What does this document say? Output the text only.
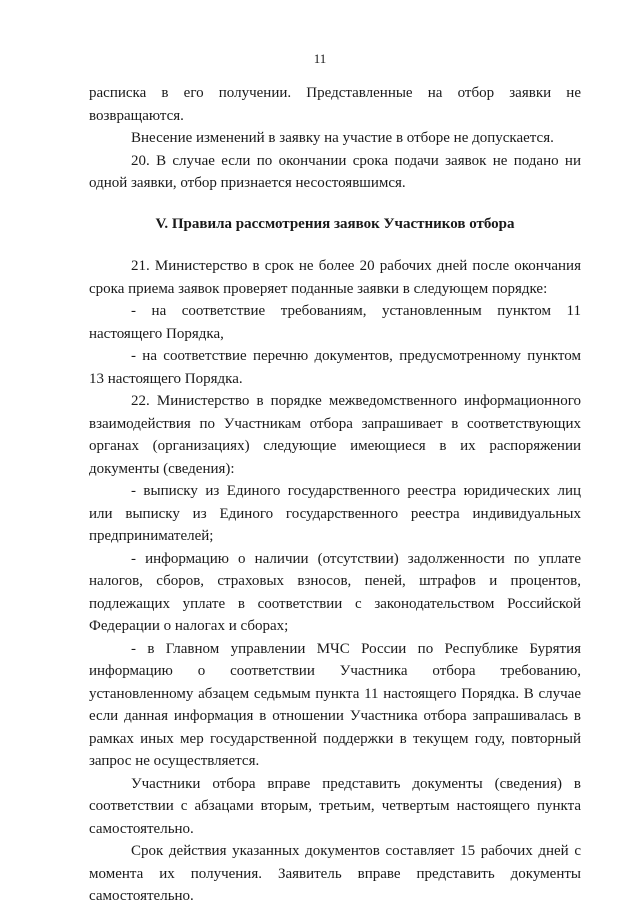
11

расписка в его получении. Представленные на отбор заявки не возвращаются.

Внесение изменений в заявку на участие в отборе не допускается.

20. В случае если по окончании срока подачи заявок не подано ни одной заявки, отбор признается несостоявшимся.

V. Правила рассмотрения заявок Участников отбора

21. Министерство в срок не более 20 рабочих дней после окончания срока приема заявок проверяет поданные заявки в следующем порядке:

- на соответствие требованиям, установленным пунктом 11 настоящего Порядка,

- на соответствие перечню документов, предусмотренному пунктом 13 настоящего Порядка.

22. Министерство в порядке межведомственного информационного взаимодействия по Участникам отбора запрашивает в соответствующих органах (организациях) следующие имеющиеся в их распоряжении документы (сведения):

- выписку из Единого государственного реестра юридических лиц или выписку из Единого государственного реестра индивидуальных предпринимателей;

- информацию о наличии (отсутствии) задолженности по уплате налогов, сборов, страховых взносов, пеней, штрафов и процентов, подлежащих уплате в соответствии с законодательством Российской Федерации о налогах и сборах;

- в Главном управлении МЧС России по Республике Бурятия информацию о соответствии Участника отбора требованию, установленному абзацем седьмым пункта 11 настоящего Порядка. В случае если данная информация в отношении Участника отбора запрашивалась в рамках иных мер государственной поддержки в текущем году, повторный запрос не осуществляется.

Участники отбора вправе представить документы (сведения) в соответствии с абзацами вторым, третьим, четвертым настоящего пункта самостоятельно.

Срок действия указанных документов составляет 15 рабочих дней с момента их получения. Заявитель вправе представить документы самостоятельно.
